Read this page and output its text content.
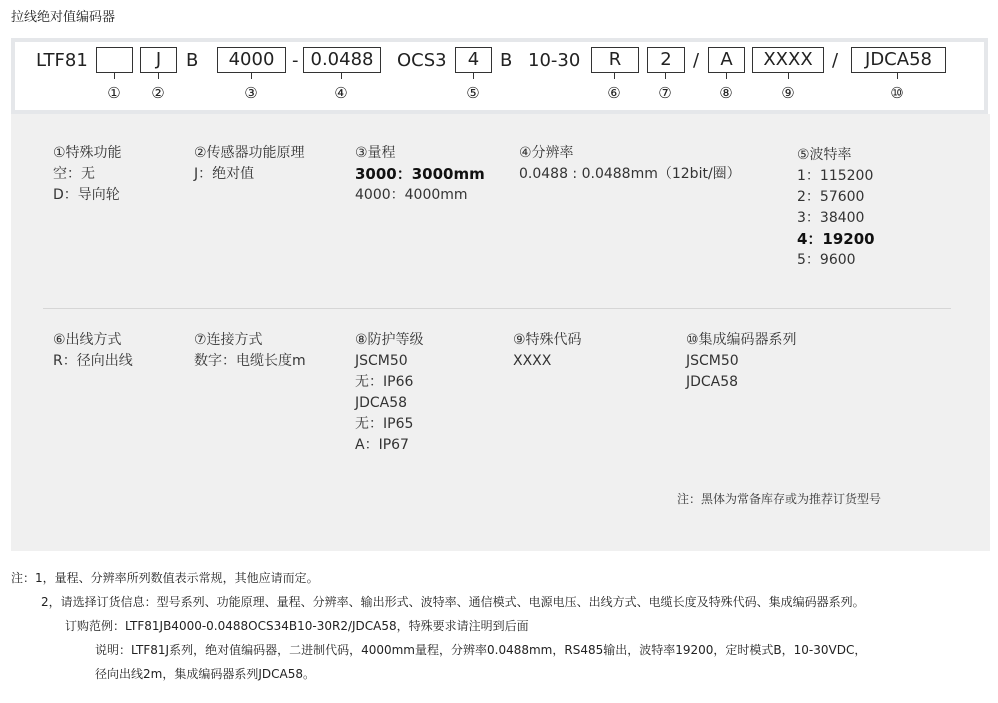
拉线绝对值编码器
LTF81	B	-	OCS3	B 10-30	/	/
J	4000	0.0488	4	R	2	A	XXXX	JDCA58
① ②	③	④	⑤	⑥	⑦	⑧	⑨	⑩
①特殊功能
空：无
D：导向轮
②传感器功能原理
J：绝对值
③量程
3000：3000mm
4000：4000mm
④分辨率
0.0488 : 0.0488mm（12bit/圈）
⑤波特率
1：115200
2：57600
3：38400
4：19200
5：9600
⑥出线方式
R：径向出线
⑦连接方式
数字：电缆长度m
⑧防护等级
JSCM50
无：IP66
JDCA58
无：IP65
A：IP67
⑨特殊代码
XXXX
⑩集成编码器系列
JSCM50
JDCA58
注：黑体为常备库存或为推荐订货型号
注：1，量程、分辨率所列数值表示常规，其他应请而定。
2，请选择订货信息：型号系列、功能原理、量程、分辨率、输出形式、波特率、通信模式、电源电压、出线方式、电缆长度及特殊代码、集成编码器系列。
订购范例：LTF81JB4000-0.0488OCS34B10-30R2/JDCA58，特殊要求请注明到后面
说明：LTF81J系列，绝对值编码器，二进制代码，4000mm量程，分辨率0.0488mm，RS485输出，波特率19200，定时模式B，10-30VDC，
径向出线2m，集成编码器系列JDCA58。
